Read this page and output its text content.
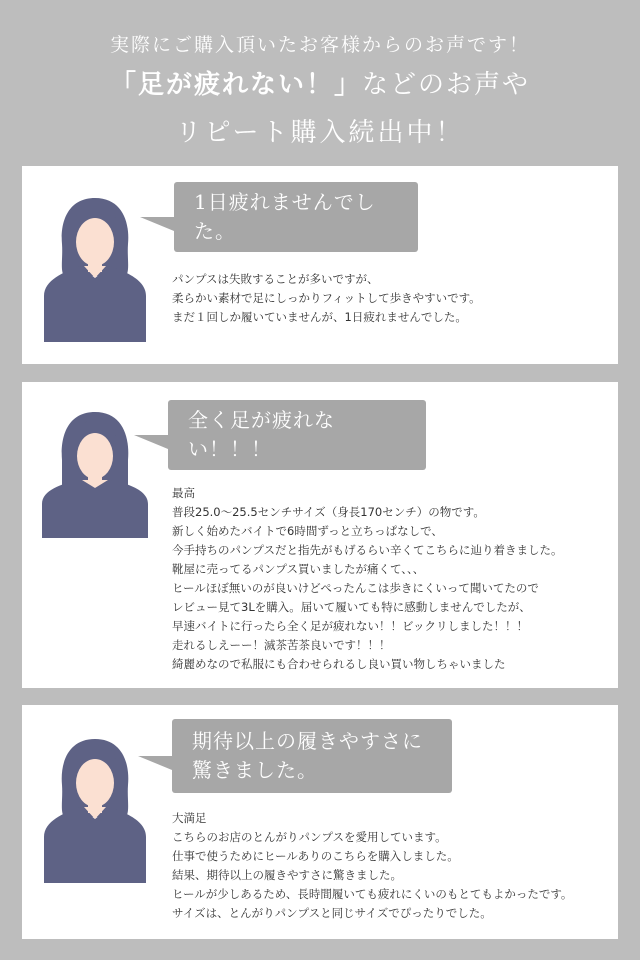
実際にご購入頂いたお客様からのお声です！
「足が疲れない！」などのお声や
リピート購入続出中！
1日疲れませんでした。
パンプスは失敗することが多いですが、
柔らかい素材で足にしっかりフィットして歩きやすいです。
まだ１回しか履いていませんが、1日疲れませんでした。
全く足が疲れない！！！
最高
普段25.0〜25.5センチサイズ（身長170センチ）の物です。
新しく始めたバイトで6時間ずっと立ちっぱなしで、
今手持ちのパンプスだと指先がもげるらい辛くてこちらに辿り着きました。
靴屋に売ってるパンプス買いましたが痛くて、、、
ヒールほぼ無いのが良いけどぺったんこは歩きにくいって聞いてたので
レビュー見て3Lを購入。届いて履いても特に感動しませんでしたが、
早速バイトに行ったら全く足が疲れない！！ビックリしました！！！
走れるしえーー！滅茶苦茶良いです！！！
綺麗めなので私服にも合わせられるし良い買い物しちゃいました
期待以上の履きやすさに
驚きました。
大満足
こちらのお店のとんがりパンプスを愛用しています。
仕事で使うためにヒールありのこちらを購入しました。
結果、期待以上の履きやすさに驚きました。
ヒールが少しあるため、長時間履いても疲れにくいのもとてもよかったです。
サイズは、とんがりパンプスと同じサイズでぴったりでした。
